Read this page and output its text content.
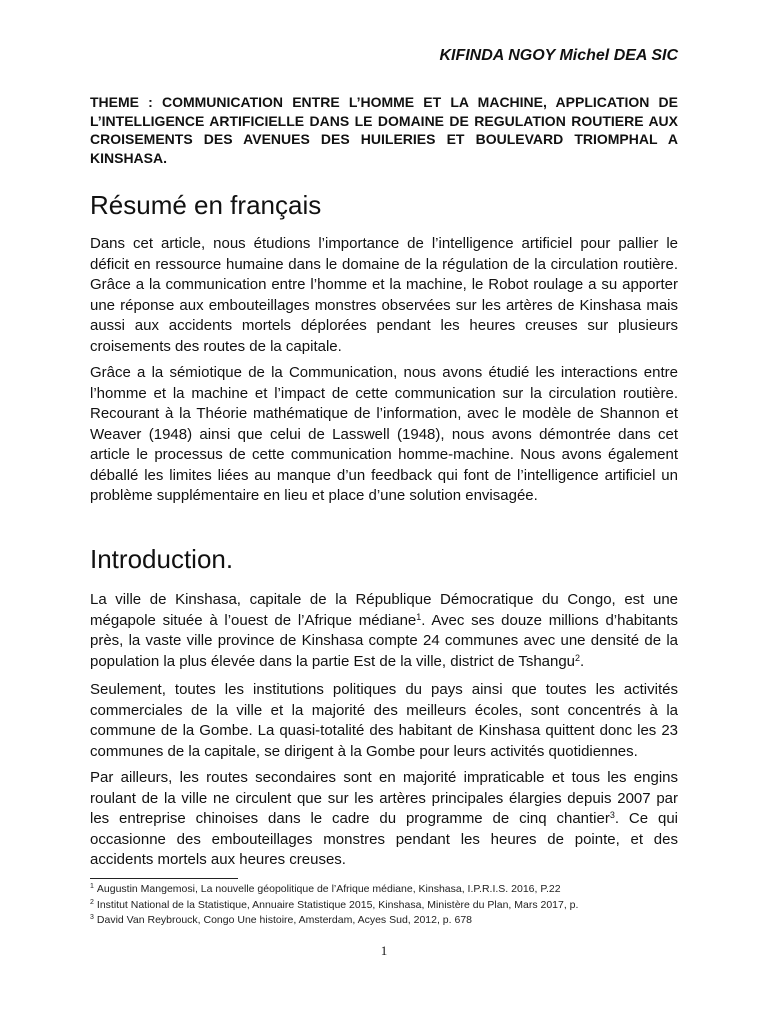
KIFINDA NGOY Michel DEA SIC

THEME : COMMUNICATION ENTRE L’HOMME ET LA MACHINE, APPLICATION DE L’INTELLIGENCE ARTIFICIELLE DANS LE DOMAINE DE REGULATION ROUTIERE AUX CROISEMENTS DES AVENUES DES HUILERIES ET BOULEVARD TRIOMPHAL A KINSHASA.

Résumé en français

Dans cet article, nous étudions l’importance de l’intelligence artificiel pour pallier le déficit en ressource humaine dans le domaine de la régulation de la circulation routière. Grâce a la communication entre l’homme et la machine, le Robot roulage a su apporter une réponse aux embouteillages monstres observées sur les artères de Kinshasa mais aussi aux accidents mortels déplorées pendant les heures creuses sur plusieurs croisements des routes de la capitale.

Grâce a la sémiotique de la Communication, nous avons étudié les interactions entre l’homme et la machine et l’impact de cette communication sur la circulation routière. Recourant à la Théorie mathématique de l’information, avec le modèle de Shannon et Weaver (1948) ainsi que celui de Lasswell (1948), nous avons démontrée dans cet article le processus de cette communication homme-machine. Nous avons également déballé les limites liées au manque d’un feedback qui font de l’intelligence artificiel un problème supplémentaire en lieu et place d’une solution envisagée.

Introduction.

La ville de Kinshasa, capitale de la République Démocratique du Congo, est une mégapole située à l’ouest de l’Afrique médiane$^1$. Avec ses douze millions d’habitants près, la vaste ville province de Kinshasa compte 24 communes avec une densité de la population la plus élevée dans la partie Est de la ville, district de Tshangu$^2$.

Seulement, toutes les institutions politiques du pays ainsi que toutes les activités commerciales de la ville et la majorité des meilleurs écoles, sont concentrés à la commune de la Gombe. La quasi-totalité des habitant de Kinshasa quittent donc les 23 communes de la capitale, se dirigent à la Gombe pour leurs activités quotidiennes.

Par ailleurs, les routes secondaires sont en majorité impraticable et tous les engins roulant de la ville ne circulent que sur les artères principales élargies depuis 2007 par les entreprise chinoises dans le cadre du programme de cinq chantier$^3$. Ce qui occasionne des embouteillages monstres pendant les heures de pointe, et des accidents mortels aux heures creuses.

$^1$ Augustin Mangemosi, La nouvelle géopolitique de l’Afrique médiane, Kinshasa, I.P.R.I.S. 2016, P.22
$^2$ Institut National de la Statistique, Annuaire Statistique 2015, Kinshasa, Ministère du Plan, Mars 2017, p.
$^3$ David Van Reybrouck, Congo Une histoire, Amsterdam, Acyes Sud, 2012, p. 678
1
